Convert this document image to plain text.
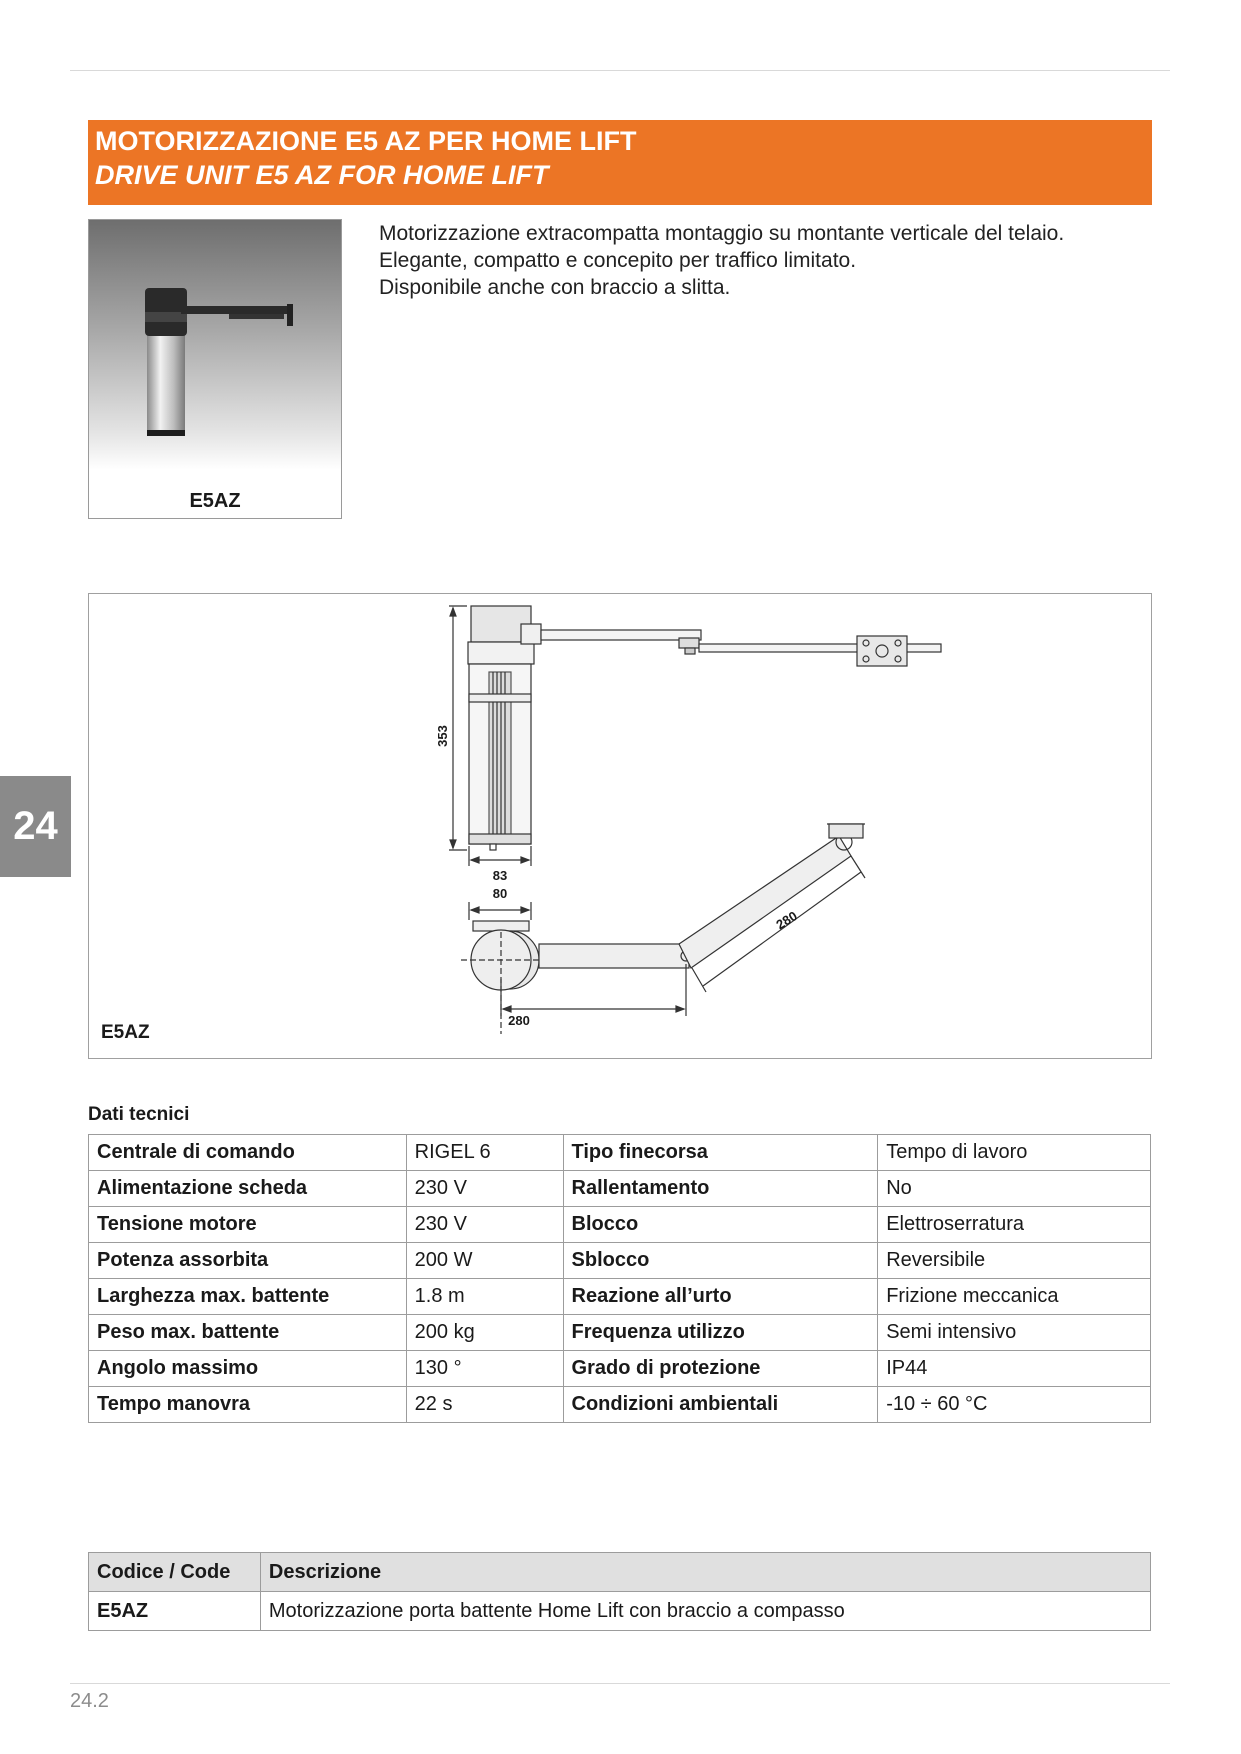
MOTORIZZAZIONE E5 AZ PER HOME LIFT
DRIVE UNIT E5 AZ FOR HOME LIFT
E5AZ
Motorizzazione extracompatta montaggio su montante verticale del telaio.
Elegante, compatto e concepito per traffico limitato.
Disponibile anche con braccio a slitta.
24
353
83
80
280
280
E5AZ
Dati tecnici
Centrale di comando	RIGEL 6	Tipo finecorsa	Tempo di lavoro
Alimentazione scheda	230 V	Rallentamento	No
Tensione motore	230 V	Blocco	Elettroserratura
Potenza assorbita	200 W	Sblocco	Reversibile
Larghezza max. battente	1.8 m	Reazione all’urto	Frizione meccanica
Peso max. battente	200 kg	Frequenza utilizzo	Semi intensivo
Angolo massimo	130 °	Grado di protezione	IP44
Tempo manovra	22 s	Condizioni ambientali	-10 ÷ 60 °C
Codice / Code	Descrizione
E5AZ	Motorizzazione porta battente Home Lift con braccio a compasso
24.2
